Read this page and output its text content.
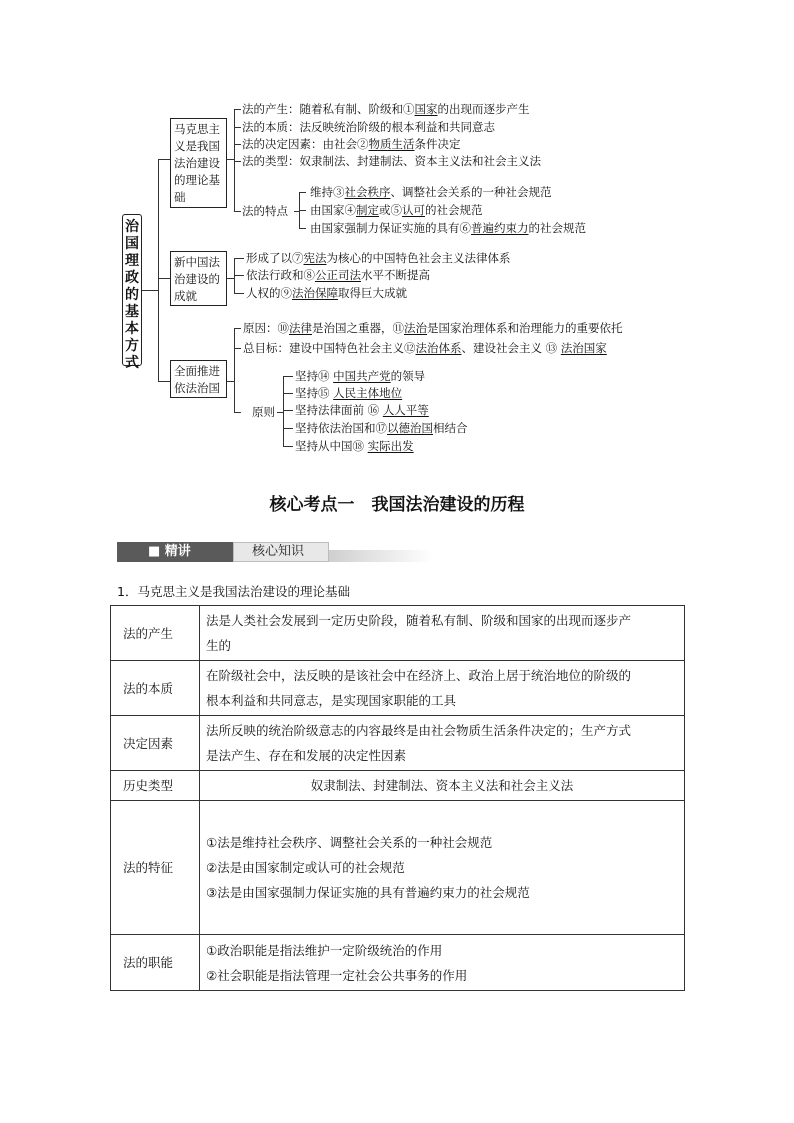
治国理政的基本方式
马克思主义是我国法治建设的理论基础
法的产生：随着私有制、阶级和①国家的出现而逐步产生
法的本质：法反映统治阶级的根本利益和共同意志
法的决定因素：由社会②物质生活条件决定
法的类型：奴隶制法、封建制法、资本主义法和社会主义法
法的特点
维持③社会秩序、调整社会关系的一种社会规范
由国家④制定或⑤认可的社会规范
由国家强制力保证实施的具有⑥普遍约束力的社会规范
新中国法治建设的成就
形成了以⑦宪法为核心的中国特色社会主义法律体系
依法行政和⑧公正司法水平不断提高
人权的⑨法治保障取得巨大成就
全面推进依法治国
原因：⑩法律是治国之重器，⑪法治是国家治理体系和治理能力的重要依托
总目标：建设中国特色社会主义⑫法治体系、建设社会主义 ⑬ 法治国家
原则
坚持⑭ 中国共产党的领导
坚持⑮ 人民主体地位
坚持法律面前 ⑯ 人人平等
坚持依法治国和⑰以德治国相结合
坚持从中国⑱ 实际出发
核心考点一　我国法治建设的历程
■ 精讲	核心知识
1．马克思主义是我国法治建设的理论基础
法的产生	法是人类社会发展到一定历史阶段，随着私有制、阶级和国家的出现而逐步产
生的

法的本质	在阶级社会中，法反映的是该社会中在经济上、政治上居于统治地位的阶级的
根本利益和共同意志，是实现国家职能的工具

决定因素	法所反映的统治阶级意志的内容最终是由社会物质生活条件决定的；生产方式
是法产生、存在和发展的决定性因素

历史类型	奴隶制法、封建制法、资本主义法和社会主义法

法的特征	①法是维持社会秩序、调整社会关系的一种社会规范
②法是由国家制定或认可的社会规范
③法是由国家强制力保证实施的具有普遍约束力的社会规范

法的职能	①政治职能是指法维护一定阶级统治的作用
②社会职能是指法管理一定社会公共事务的作用
